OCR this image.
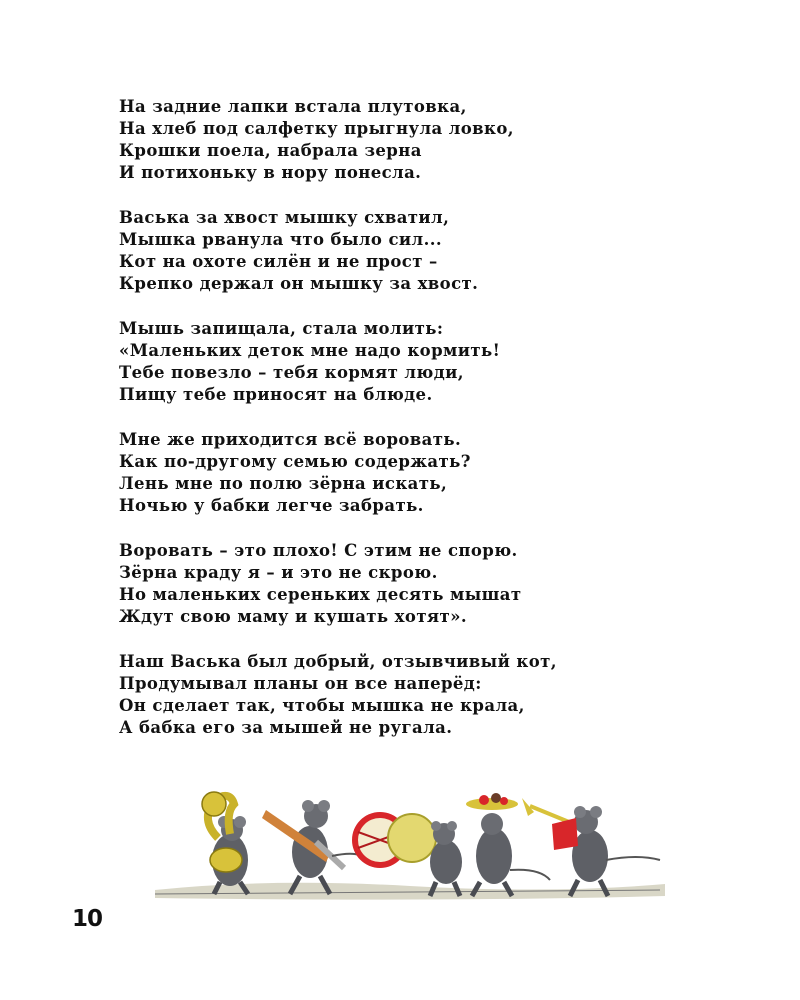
На задние лапки встала плутовка,
На хлеб под салфетку прыгнула ловко,
Крошки поела, набрала зерна
И потихоньку в нору понесла.
Васька за хвост мышку схватил,
Мышка рванула что было сил...
Кот на охоте силён и не прост –
Крепко держал он мышку за хвост.
Мышь запищала, стала молить:
«Маленьких деток мне надо кормить!
Тебе повезло – тебя кормят люди,
Пищу тебе приносят на блюде.
Мне же приходится всё воровать.
Как по-другому семью содержать?
Лень мне по полю зёрна искать,
Ночью у бабки легче забрать.
Воровать – это плохо! С этим не спорю.
Зёрна краду я – и это не скрою.
Но маленьких сереньких десять мышат
Ждут свою маму и кушать хотят».
Наш Васька был добрый, отзывчивый кот,
Продумывал планы он все наперёд:
Он сделает так, чтобы мышка не крала,
А бабка его за мышей не ругала.
10
